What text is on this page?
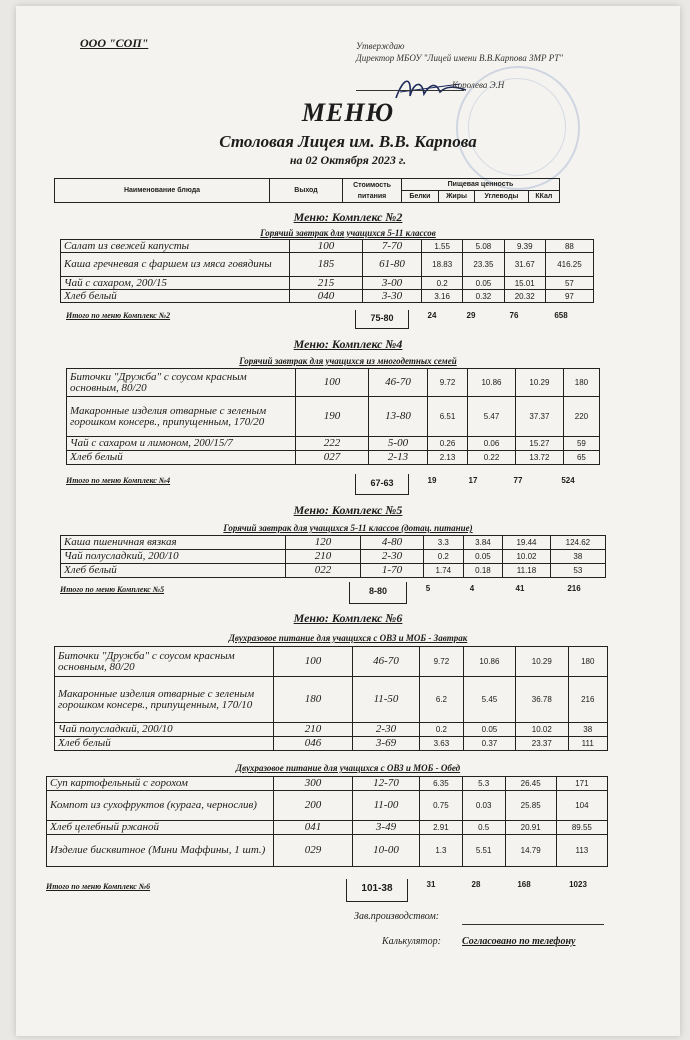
ООО "СОП"	Утверждаю
Директор МБОУ "Лицей имени В.В.Карпова ЗМР РТ"
Королева Э.Н
МЕНЮ
Столовая Лицея им. В.В. Карпова
на 02 Октября 2023 г.
Наименование блюда	Выход	Стоимость питания	Пищевая ценность			
			Белки	Жиры	Углеводы	ККал
Меню: Комплекс №2
Горячий завтрак для учащихся 5-11 классов
Салат из свежей капусты	100	7-70	1.55	5.08	9.39	88
Каша гречневая с фаршем из мяса говядины	185	61-80	18.83	23.35	31.67	416.25
Чай с сахаром, 200/15	215	3-00	0.2	0.05	15.01	57
Хлеб белый	040	3-30	3.16	0.32	20.32	97
Итого по меню Комплекс №2	75-80	24	29	76	658
Меню: Комплекс №4
Горячий завтрак для учащихся из многодетных семей
Биточки "Дружба" с соусом красным основным, 80/20	100	46-70	9.72	10.86	10.29	180
Макаронные изделия отварные с зеленым горошком консерв., припущенным, 170/20	190	13-80	6.51	5.47	37.37	220
Чай с сахаром и лимоном, 200/15/7	222	5-00	0.26	0.06	15.27	59
Хлеб белый	027	2-13	2.13	0.22	13.72	65
Итого по меню Комплекс №4	67-63	19	17	77	524
Меню: Комплекс №5
Горячий завтрак для учащихся 5-11 классов (дотац. питание)
Каша пшеничная вязкая	120	4-80	3.3	3.84	19.44	124.62
Чай полусладкий, 200/10	210	2-30	0.2	0.05	10.02	38
Хлеб белый	022	1-70	1.74	0.18	11.18	53
Итого по меню Комплекс №5	8-80	5	4	41	216
Меню: Комплекс №6
Двухразовое питание для учащихся с ОВЗ и МОБ - Завтрак
Биточки "Дружба" с соусом красным основным, 80/20	100	46-70	9.72	10.86	10.29	180
Макаронные изделия отварные с зеленым горошком консерв., припущенным, 170/10	180	11-50	6.2	5.45	36.78	216
Чай полусладкий, 200/10	210	2-30	0.2	0.05	10.02	38
Хлеб белый	046	3-69	3.63	0.37	23.37	111
Двухразовое питание для учащихся с ОВЗ и МОБ - Обед
Суп картофельный с горохом	300	12-70	6.35	5.3	26.45	171
Компот из сухофруктов (курага, чернослив)	200	11-00	0.75	0.03	25.85	104
Хлеб целебный ржаной	041	3-49	2.91	0.5	20.91	89.55
Изделие бисквитное (Мини Маффины, 1 шт.)	029	10-00	1.3	5.51	14.79	113
Итого по меню Комплекс №6	101-38	31	28	168	1023
Зав.производством:
Калькулятор: Согласовано по телефону
